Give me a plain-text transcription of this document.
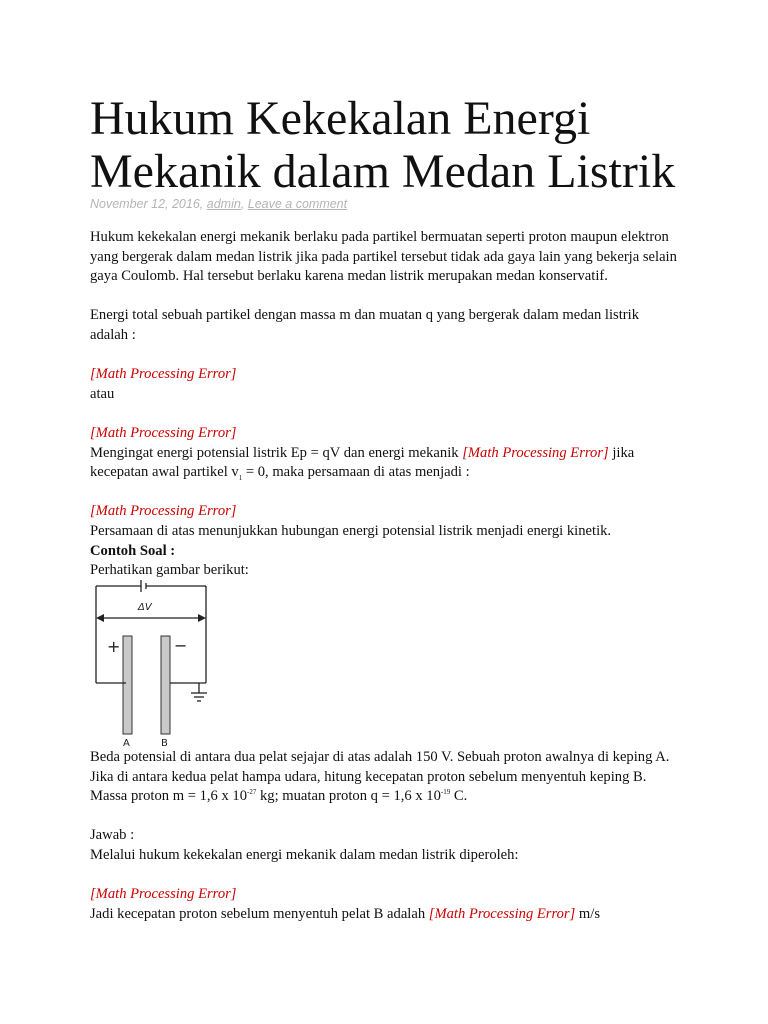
Hukum Kekekalan Energi Mekanik dalam Medan Listrik
November 12, 2016, admin, Leave a comment

Hukum kekekalan energi mekanik berlaku pada partikel bermuatan seperti proton maupun elektron yang bergerak dalam medan listrik jika pada partikel tersebut tidak ada gaya lain yang bekerja selain gaya Coulomb. Hal tersebut berlaku karena medan listrik merupakan medan konservatif.

Energi total sebuah partikel dengan massa m dan muatan q yang bergerak dalam medan listrik adalah :

[Math Processing Error]

atau

[Math Processing Error]

Mengingat energi potensial listrik Ep = qV dan energi mekanik [Math Processing Error] jika kecepatan awal partikel $v_1 = 0$, maka persamaan di atas menjadi :

[Math Processing Error]

Persamaan di atas menunjukkan hubungan energi potensial listrik menjadi energi kinetik.

Contoh Soal :

Perhatikan gambar berikut:

ΔV
+	−
A	B

Beda potensial di antara dua pelat sejajar di atas adalah 150 V. Sebuah proton awalnya di keping A. Jika di antara kedua pelat hampa udara, hitung kecepatan proton sebelum menyentuh keping B. Massa proton m = 1,6 x $10^{-27}$ kg; muatan proton q = 1,6 x $10^{-19}$ C.

Jawab :

Melalui hukum kekekalan energi mekanik dalam medan listrik diperoleh:

[Math Processing Error]

Jadi kecepatan proton sebelum menyentuh pelat B adalah [Math Processing Error] m/s
